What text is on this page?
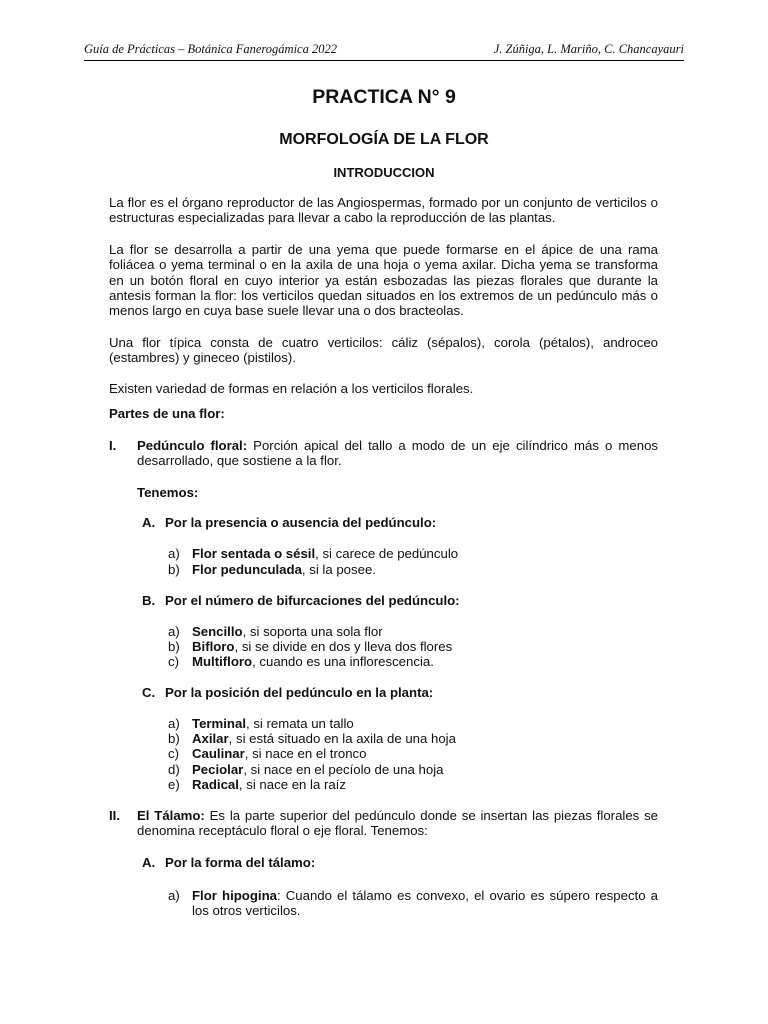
Guía de Prácticas – Botánica Fanerogámica 2022	J. Zúñiga, L. Mariño, C. Chancayauri
PRACTICA N° 9
MORFOLOGÍA DE LA FLOR
INTRODUCCION
La flor es el órgano reproductor de las Angiospermas, formado por un conjunto de verticilos o estructuras especializadas para llevar a cabo la reproducción de las plantas.
La flor se desarrolla a partir de una yema que puede formarse en el ápice de una rama foliácea o yema terminal o en la axila de una hoja o yema axilar. Dicha yema se transforma en un botón floral en cuyo interior ya están esbozadas las piezas florales que durante la antesis forman la flor: los verticilos quedan situados en los extremos de un pedúnculo más o menos largo en cuya base suele llevar una o dos bracteolas.
Una flor típica consta de cuatro verticilos: cáliz (sépalos), corola (pétalos), androceo (estambres) y gineceo (pistilos).
Existen variedad de formas en relación a los verticilos florales.
Partes de una flor:
I. Pedúnculo floral: Porción apical del tallo a modo de un eje cilíndrico más o menos desarrollado, que sostiene a la flor.
Tenemos:
A. Por la presencia o ausencia del pedúnculo:
a) Flor sentada o sésil, si carece de pedúnculo
b) Flor pedunculada, si la posee.
B. Por el número de bifurcaciones del pedúnculo:
a) Sencillo, si soporta una sola flor
b) Bifloro, si se divide en dos y lleva dos flores
c) Multifloro, cuando es una inflorescencia.
C. Por la posición del pedúnculo en la planta:
a) Terminal, si remata un tallo
b) Axilar, si está situado en la axila de una hoja
c) Caulinar, si nace en el tronco
d) Peciolar, si nace en el pecíolo de una hoja
e) Radical, si nace en la raíz
II. El Tálamo: Es la parte superior del pedúnculo donde se insertan las piezas florales se denomina receptáculo floral o eje floral. Tenemos:
A. Por la forma del tálamo:
a) Flor hipogina: Cuando el tálamo es convexo, el ovario es súpero respecto a los otros verticilos.
